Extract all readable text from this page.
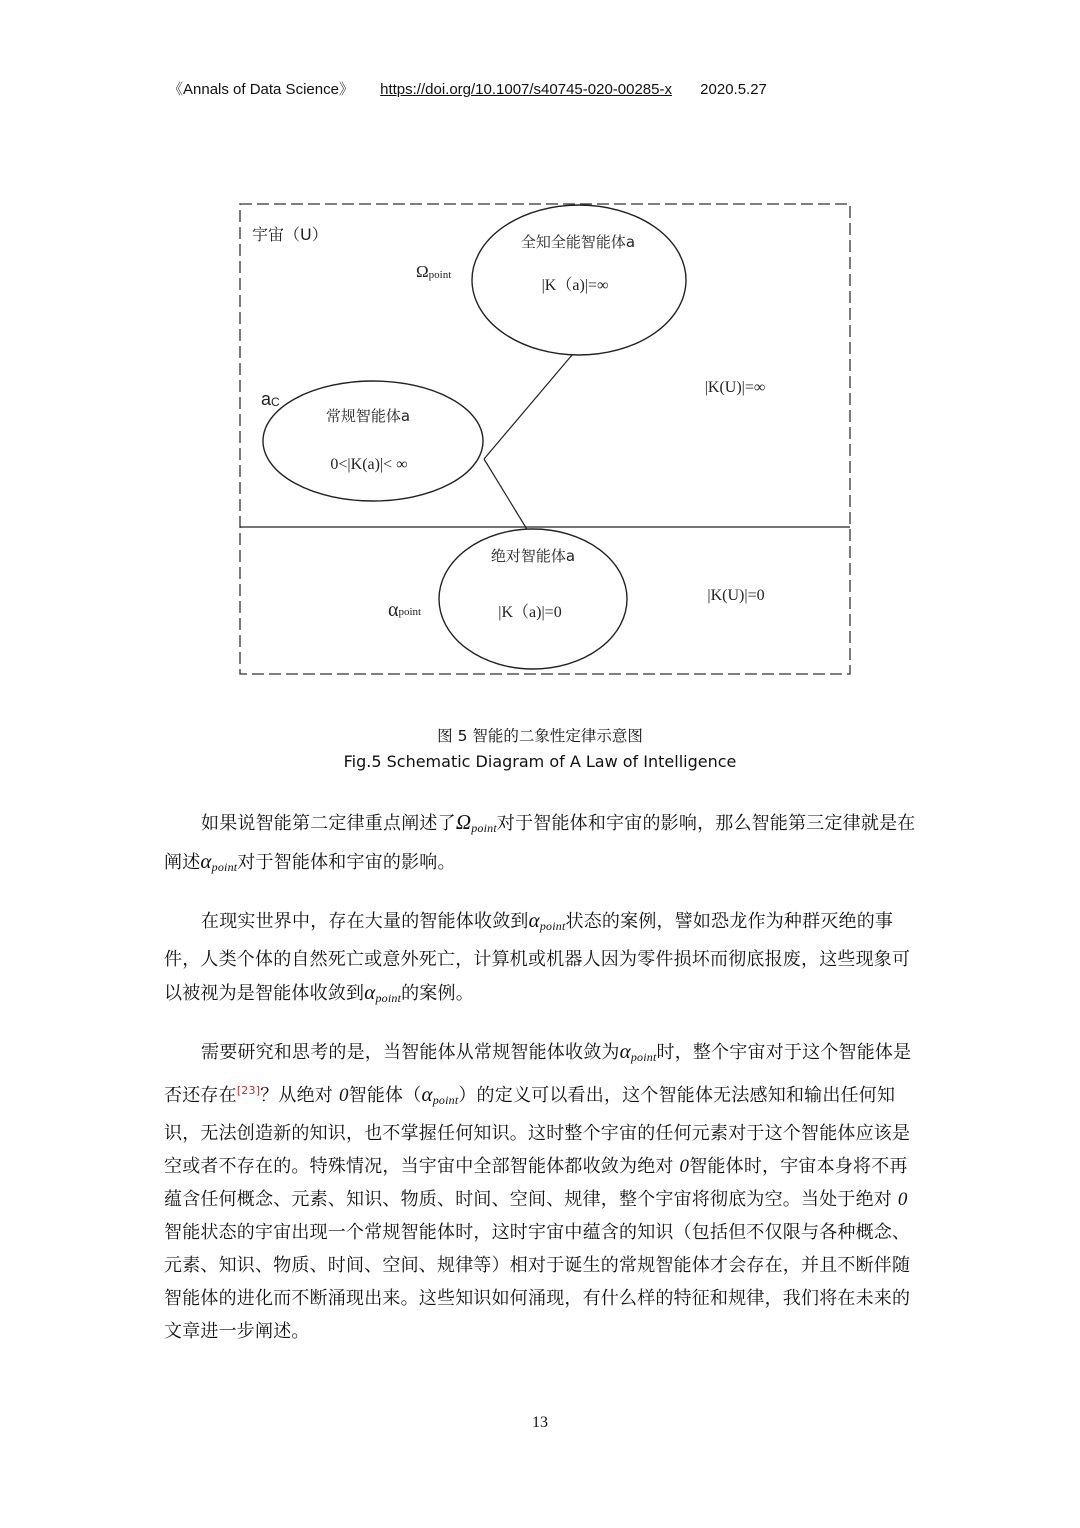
《Annals of Data Science》 https://doi.org/10.1007/s40745-020-00285-x 2020.5.27
宇宙（U）
Ωpoint
aC
αpoint
全知全能智能体a
|K（a)|=∞
常规智能体a
0<|K(a)|< ∞
绝对智能体a
|K（a)|=0
|K(U)|=∞
|K(U)|=0
图 5 智能的二象性定律示意图
Fig.5 Schematic Diagram of A Law of Intelligence

如果说智能第二定律重点阐述了$\Omega_{point}$对于智能体和宇宙的影响，那么智能第三定律就是在阐述$\alpha_{point}$对于智能体和宇宙的影响。

在现实世界中，存在大量的智能体收敛到$\alpha_{point}$状态的案例，譬如恐龙作为种群灭绝的事件，人类个体的自然死亡或意外死亡，计算机或机器人因为零件损坏而彻底报废，这些现象可以被视为是智能体收敛到$\alpha_{point}$的案例。

需要研究和思考的是，当智能体从常规智能体收敛为$\alpha_{point}$时，整个宇宙对于这个智能体是否还存在[23]？从绝对 0智能体$(\alpha_{point})$的定义可以看出，这个智能体无法感知和输出任何知识，无法创造新的知识，也不掌握任何知识。这时整个宇宙的任何元素对于这个智能体应该是空或者不存在的。特殊情况，当宇宙中全部智能体都收敛为绝对 0智能体时，宇宙本身将不再蕴含任何概念、元素、知识、物质、时间、空间、规律，整个宇宙将彻底为空。当处于绝对 0智能状态的宇宙出现一个常规智能体时，这时宇宙中蕴含的知识（包括但不仅限与各种概念、元素、知识、物质、时间、空间、规律等）相对于诞生的常规智能体才会存在，并且不断伴随智能体的进化而不断涌现出来。这些知识如何涌现，有什么样的特征和规律，我们将在未来的文章进一步阐述。

13
